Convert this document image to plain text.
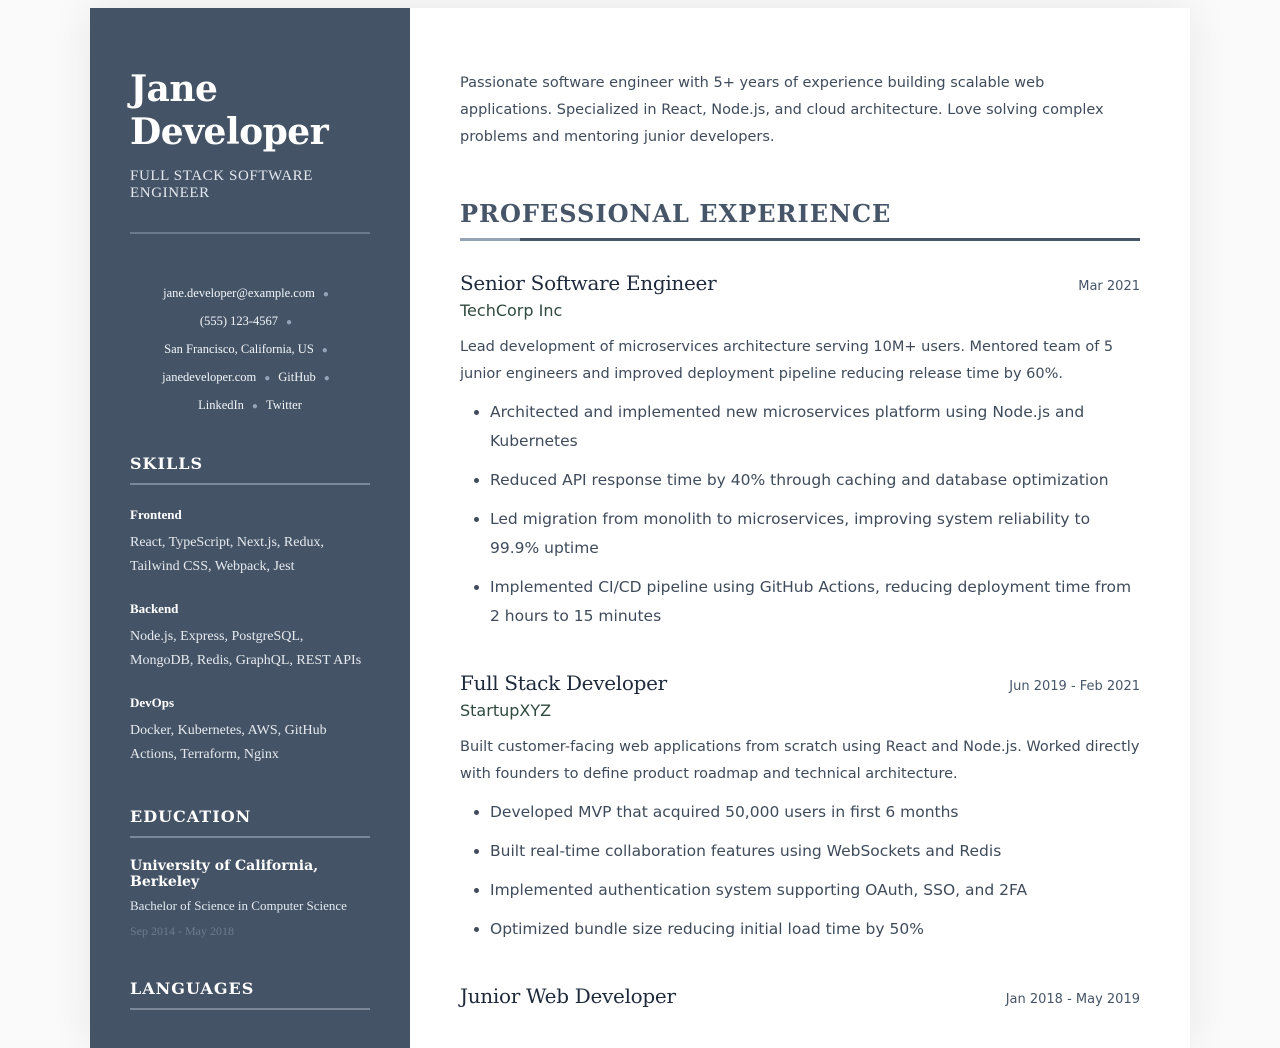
Jane
Developer
FULL STACK SOFTWARE ENGINEER
jane.developer@example.com ●
(555) 123-4567 ●
San Francisco, California, US ●
janedeveloper.com ● GitHub ●
LinkedIn ● Twitter
SKILLS
Frontend
React, TypeScript, Next.js, Redux, Tailwind CSS, Webpack, Jest
Backend
Node.js, Express, PostgreSQL, MongoDB, Redis, GraphQL, REST APIs
DevOps
Docker, Kubernetes, AWS, GitHub Actions, Terraform, Nginx
EDUCATION
University of California, Berkeley
Bachelor of Science in Computer Science
Sep 2014 - May 2018
LANGUAGES

Passionate software engineer with 5+ years of experience building scalable web applications. Specialized in React, Node.js, and cloud architecture. Love solving complex problems and mentoring junior developers.

PROFESSIONAL EXPERIENCE
Senior Software Engineer	Mar 2021
TechCorp Inc
Lead development of microservices architecture serving 10M+ users. Mentored team of 5 junior engineers and improved deployment pipeline reducing release time by 60%.
• Architected and implemented new microservices platform using Node.js and Kubernetes
• Reduced API response time by 40% through caching and database optimization
• Led migration from monolith to microservices, improving system reliability to 99.9% uptime
• Implemented CI/CD pipeline using GitHub Actions, reducing deployment time from 2 hours to 15 minutes
Full Stack Developer	Jun 2019 - Feb 2021
StartupXYZ
Built customer-facing web applications from scratch using React and Node.js. Worked directly with founders to define product roadmap and technical architecture.
• Developed MVP that acquired 50,000 users in first 6 months
• Built real-time collaboration features using WebSockets and Redis
• Implemented authentication system supporting OAuth, SSO, and 2FA
• Optimized bundle size reducing initial load time by 50%
Junior Web Developer	Jan 2018 - May 2019
